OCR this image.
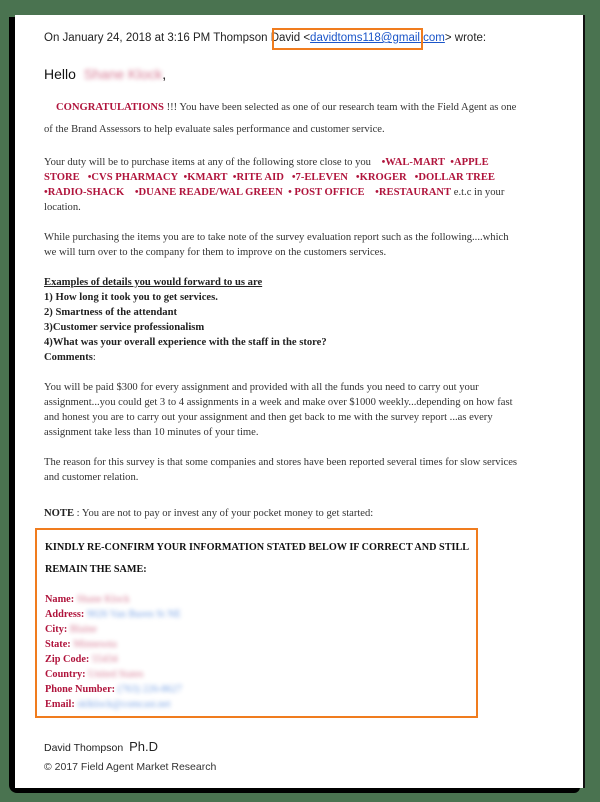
On January 24, 2018 at 3:16 PM Thompson David <davidtoms118@gmail.com> wrote:
Hello Shane Klock,

CONGRATULATIONS !!! You have been selected as one of our research team with the Field Agent as one of the Brand Assessors to help evaluate sales performance and customer service.

Your duty will be to purchase items at any of the following store close to you •WAL-MART •APPLE STORE •CVS PHARMACY •KMART •RITE AID •7-ELEVEN •KROGER •DOLLAR TREE •RADIO-SHACK •DUANE READE/WAL GREEN • POST OFFICE •RESTAURANT e.t.c in your location.

While purchasing the items you are to take note of the survey evaluation report such as the following....which we will turn over to the company for them to improve on the customers services.

Examples of details you would forward to us are
1) How long it took you to get services.
2) Smartness of the attendant
3)Customer service professionalism
4)What was your overall experience with the staff in the store?
Comments:

You will be paid $300 for every assignment and provided with all the funds you need to carry out your assignment...you could get 3 to 4 assignments in a week and make over $1000 weekly...depending on how fast and honest you are to carry out your assignment and then get back to me with the survey report ...as every assignment take less than 10 minutes of your time.

The reason for this survey is that some companies and stores have been reported several times for slow services and customer relation.

NOTE : You are not to pay or invest any of your pocket money to get started:

KINDLY RE-CONFIRM YOUR INFORMATION STATED BELOW IF CORRECT AND STILL REMAIN THE SAME:
Name: Shane Klock
Address: 9026 Van Buren St NE
City: Blaine
State: Minnesota
Zip Code: 55434
Country: United States
Phone Number: (763) 226-8627
Email: sklklock@comcast.net
David Thompson Ph.D
© 2017 Field Agent Market Research
